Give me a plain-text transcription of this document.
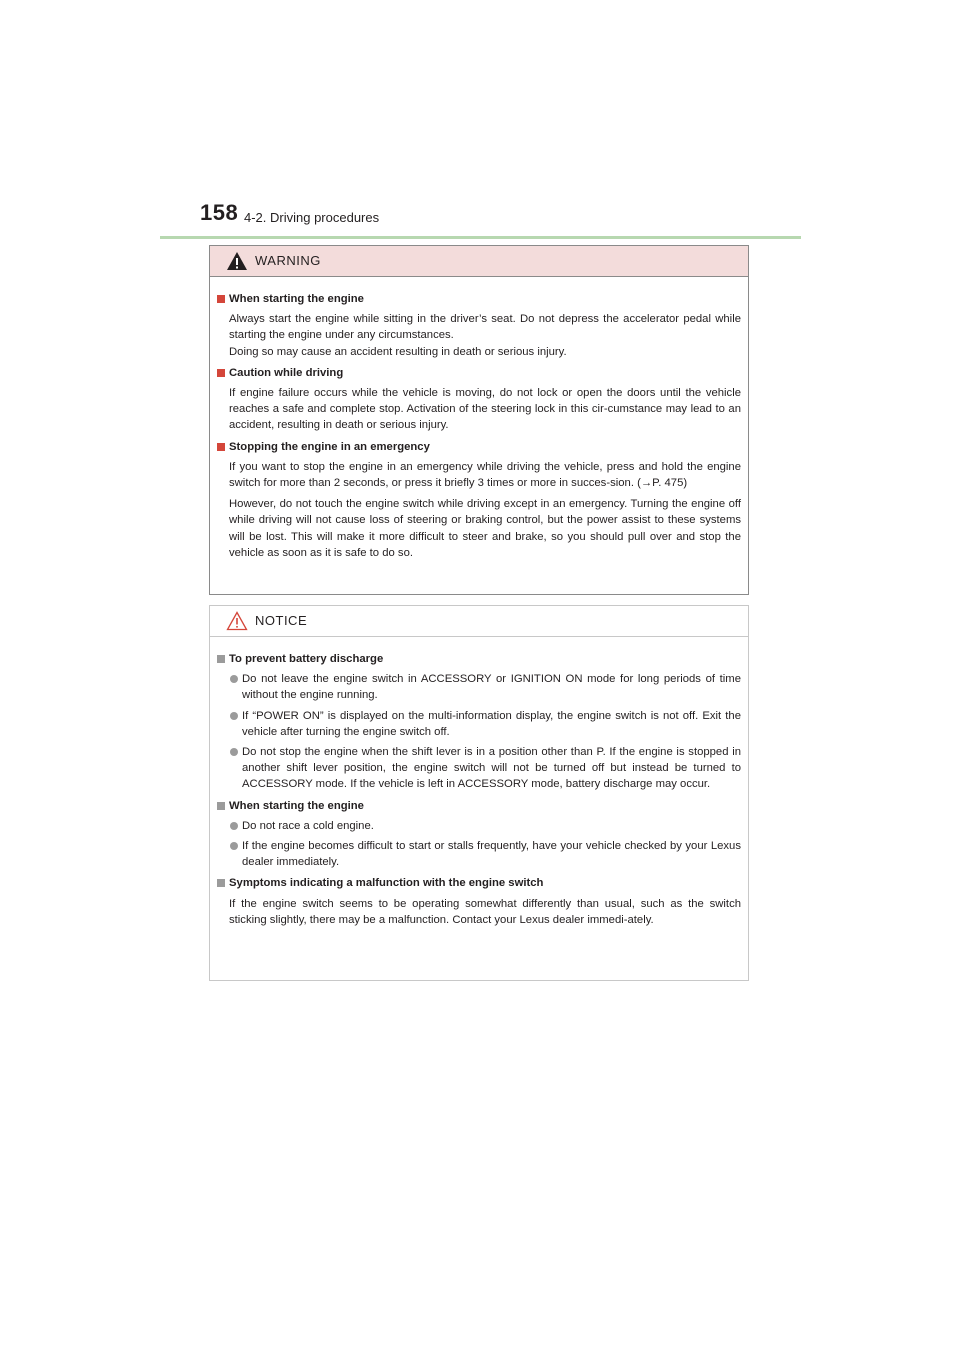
158 4-2. Driving procedures
WARNING
When starting the engine
Always start the engine while sitting in the driver’s seat. Do not depress the accelerator pedal while starting the engine under any circumstances.
Doing so may cause an accident resulting in death or serious injury.
Caution while driving
If engine failure occurs while the vehicle is moving, do not lock or open the doors until the vehicle reaches a safe and complete stop. Activation of the steering lock in this cir-cumstance may lead to an accident, resulting in death or serious injury.
Stopping the engine in an emergency
If you want to stop the engine in an emergency while driving the vehicle, press and hold the engine switch for more than 2 seconds, or press it briefly 3 times or more in succes-sion. (→P. 475)
However, do not touch the engine switch while driving except in an emergency. Turning the engine off while driving will not cause loss of steering or braking control, but the power assist to these systems will be lost. This will make it more difficult to steer and brake, so you should pull over and stop the vehicle as soon as it is safe to do so.
NOTICE
To prevent battery discharge
Do not leave the engine switch in ACCESSORY or IGNITION ON mode for long periods of time without the engine running.
If “POWER ON” is displayed on the multi-information display, the engine switch is not off. Exit the vehicle after turning the engine switch off.
Do not stop the engine when the shift lever is in a position other than P. If the engine is stopped in another shift lever position, the engine switch will not be turned off but instead be turned to ACCESSORY mode. If the vehicle is left in ACCESSORY mode, battery discharge may occur.
When starting the engine
Do not race a cold engine.
If the engine becomes difficult to start or stalls frequently, have your vehicle checked by your Lexus dealer immediately.
Symptoms indicating a malfunction with the engine switch
If the engine switch seems to be operating somewhat differently than usual, such as the switch sticking slightly, there may be a malfunction. Contact your Lexus dealer immedi-ately.
